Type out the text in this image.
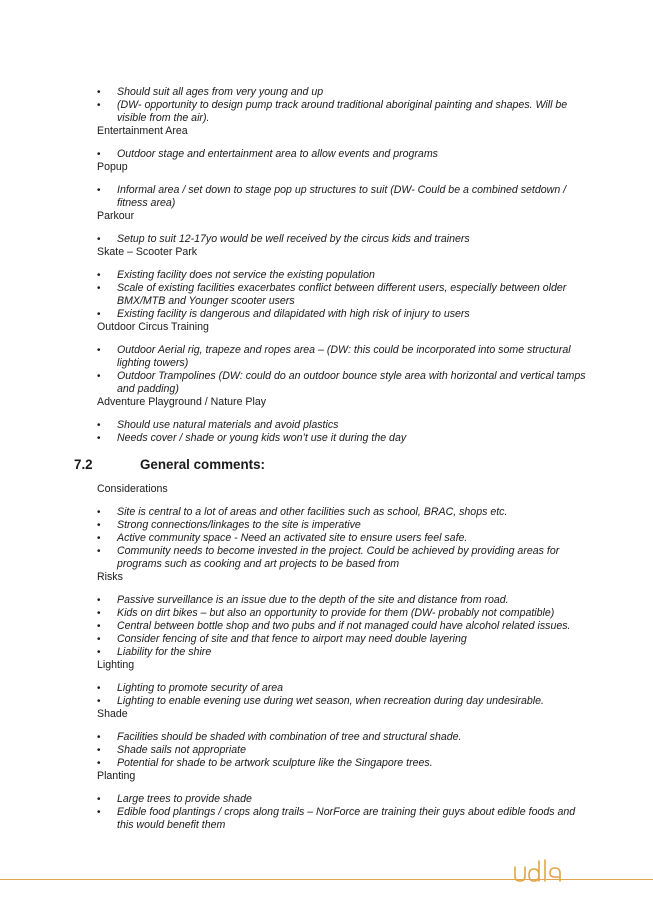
• Should suit all ages from very young and up
• (DW- opportunity to design pump track around traditional aboriginal painting and shapes. Will be visible from the air).
Entertainment Area
• Outdoor stage and entertainment area to allow events and programs
Popup
• Informal area / set down to stage pop up structures to suit (DW- Could be a combined setdown / fitness area)
Parkour
• Setup to suit 12-17yo would be well received by the circus kids and trainers
Skate – Scooter Park
• Existing facility does not service the existing population
• Scale of existing facilities exacerbates conflict between different users, especially between older BMX/MTB and Younger scooter users
• Existing facility is dangerous and dilapidated with high risk of injury to users
Outdoor Circus Training
• Outdoor Aerial rig, trapeze and ropes area – (DW: this could be incorporated into some structural lighting towers)
• Outdoor Trampolines (DW: could do an outdoor bounce style area with horizontal and vertical tamps and padding)
Adventure Playground / Nature Play
• Should use natural materials and avoid plastics
• Needs cover / shade or young kids won’t use it during the day
7.2	General comments:
Considerations
• Site is central to a lot of areas and other facilities such as school, BRAC, shops etc.
• Strong connections/linkages to the site is imperative
• Active community space - Need an activated site to ensure users feel safe.
• Community needs to become invested in the project. Could be achieved by providing areas for programs such as cooking and art projects to be based from
Risks
• Passive surveillance is an issue due to the depth of the site and distance from road.
• Kids on dirt bikes – but also an opportunity to provide for them (DW- probably not compatible)
• Central between bottle shop and two pubs and if not managed could have alcohol related issues.
• Consider fencing of site and that fence to airport may need double layering
• Liability for the shire
Lighting
• Lighting to promote security of area
• Lighting to enable evening use during wet season, when recreation during day undesirable.
Shade
• Facilities should be shaded with combination of tree and structural shade.
• Shade sails not appropriate
• Potential for shade to be artwork sculpture like the Singapore trees.
Planting
• Large trees to provide shade
• Edible food plantings / crops along trails – NorForce are training their guys about edible foods and this would benefit them
